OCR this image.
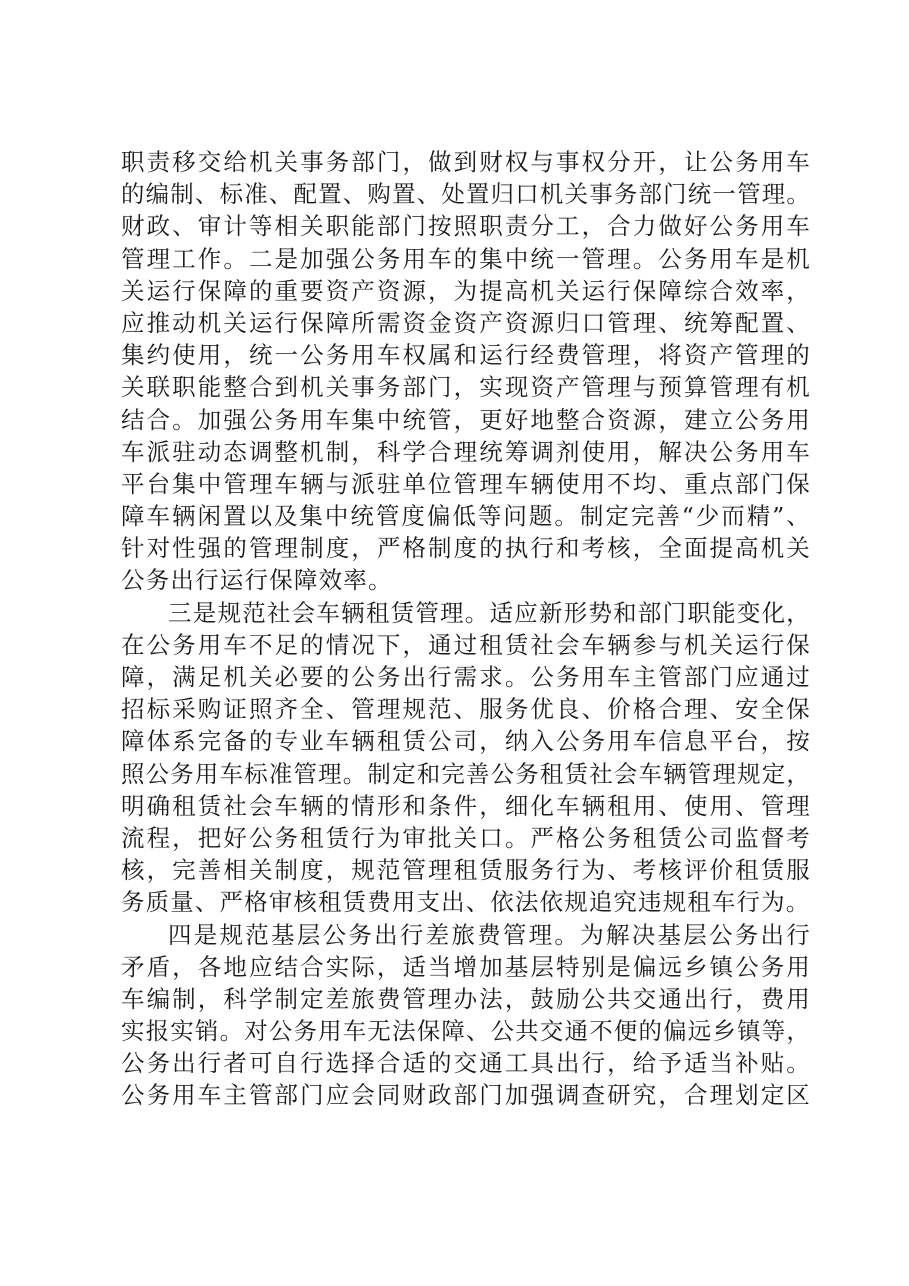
职责移交给机关事务部门，做到财权与事权分开，让公务用车
的编制、标准、配置、购置、处置归口机关事务部门统一管理。
财政、审计等相关职能部门按照职责分工，合力做好公务用车
管理工作。二是加强公务用车的集中统一管理。公务用车是机
关运行保障的重要资产资源，为提高机关运行保障综合效率，
应推动机关运行保障所需资金资产资源归口管理、统筹配置、
集约使用，统一公务用车权属和运行经费管理，将资产管理的
关联职能整合到机关事务部门，实现资产管理与预算管理有机
结合。加强公务用车集中统管，更好地整合资源，建立公务用
车派驻动态调整机制，科学合理统筹调剂使用，解决公务用车
平台集中管理车辆与派驻单位管理车辆使用不均、重点部门保
障车辆闲置以及集中统管度偏低等问题。制定完善“少而精”、
针对性强的管理制度，严格制度的执行和考核，全面提高机关
公务出行运行保障效率。
三是规范社会车辆租赁管理。适应新形势和部门职能变化，
在公务用车不足的情况下，通过租赁社会车辆参与机关运行保
障，满足机关必要的公务出行需求。公务用车主管部门应通过
招标采购证照齐全、管理规范、服务优良、价格合理、安全保
障体系完备的专业车辆租赁公司，纳入公务用车信息平台，按
照公务用车标准管理。制定和完善公务租赁社会车辆管理规定，
明确租赁社会车辆的情形和条件，细化车辆租用、使用、管理
流程，把好公务租赁行为审批关口。严格公务租赁公司监督考
核，完善相关制度，规范管理租赁服务行为、考核评价租赁服
务质量、严格审核租赁费用支出、依法依规追究违规租车行为。
四是规范基层公务出行差旅费管理。为解决基层公务出行
矛盾，各地应结合实际，适当增加基层特别是偏远乡镇公务用
车编制，科学制定差旅费管理办法，鼓励公共交通出行，费用
实报实销。对公务用车无法保障、公共交通不便的偏远乡镇等，
公务出行者可自行选择合适的交通工具出行，给予适当补贴。
公务用车主管部门应会同财政部门加强调查研究，合理划定区
